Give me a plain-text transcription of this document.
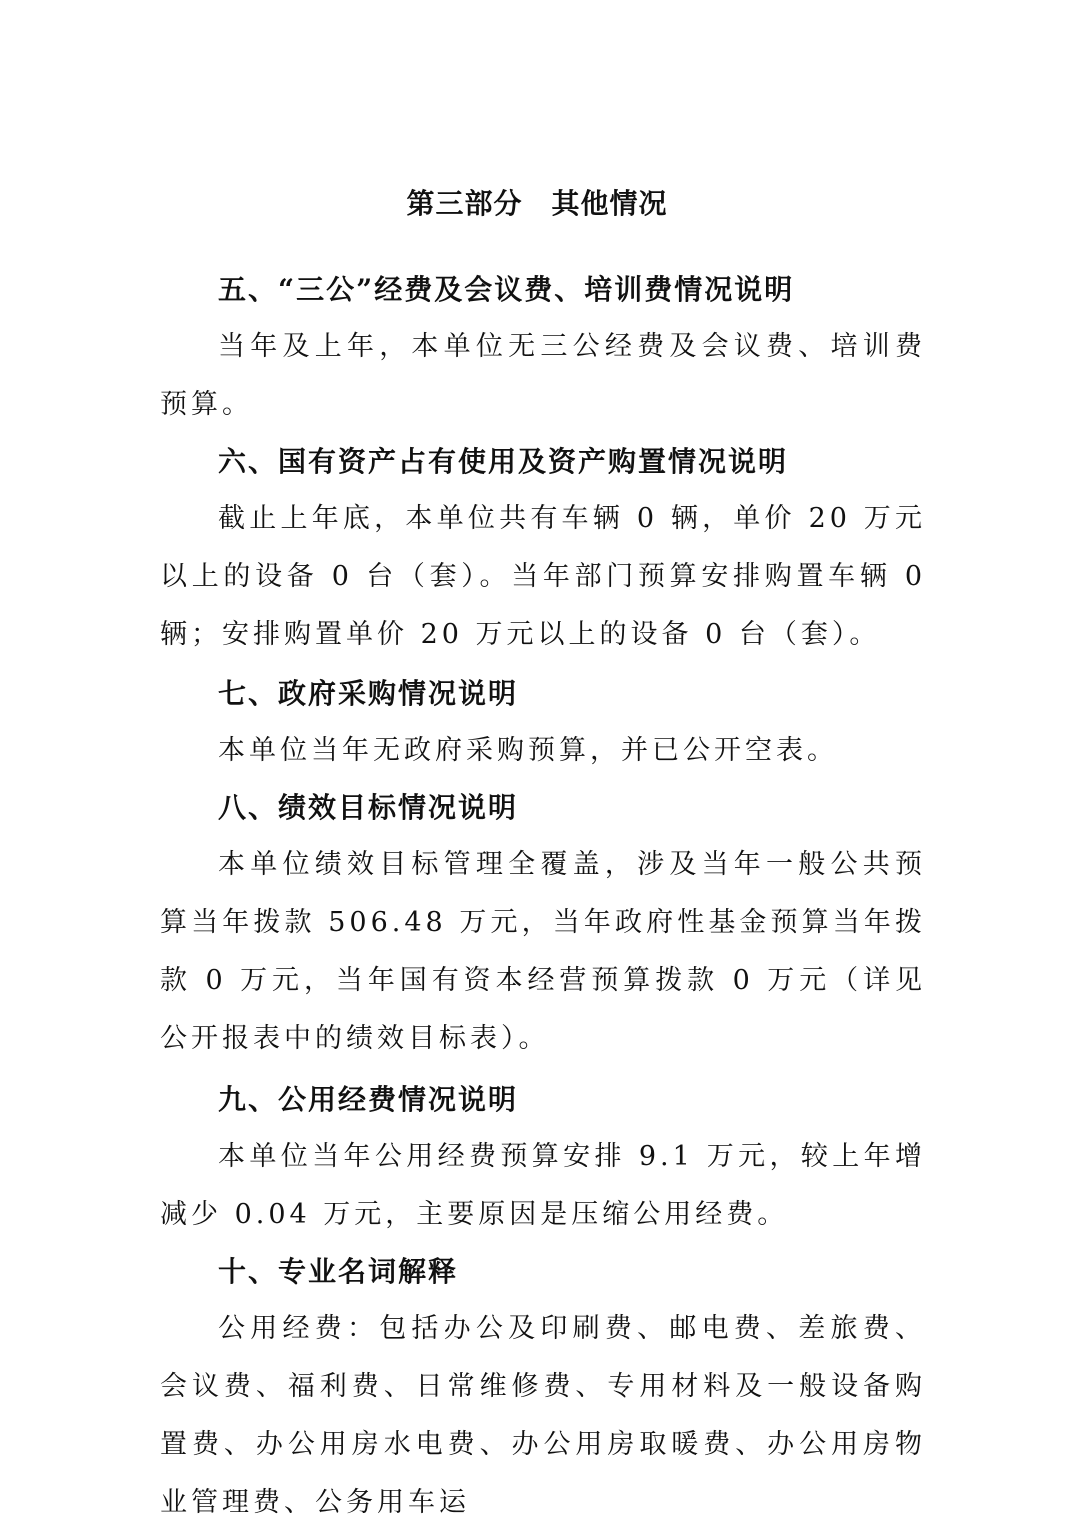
第三部分　其他情况
五、“三公”经费及会议费、培训费情况说明

当年及上年，本单位无三公经费及会议费、培训费预算。

六、国有资产占有使用及资产购置情况说明

截止上年底，本单位共有车辆 0 辆，单价 20 万元以上的设备 0 台（套）。当年部门预算安排购置车辆 0 辆；安排购置单价 20 万元以上的设备 0 台（套）。

七、政府采购情况说明

本单位当年无政府采购预算，并已公开空表。

八、绩效目标情况说明

本单位绩效目标管理全覆盖，涉及当年一般公共预算当年拨款 506.48 万元，当年政府性基金预算当年拨款 0 万元，当年国有资本经营预算拨款 0 万元（详见公开报表中的绩效目标表）。

九、公用经费情况说明

本单位当年公用经费预算安排 9.1 万元，较上年增减少 0.04 万元，主要原因是压缩公用经费。

十、专业名词解释

公用经费：包括办公及印刷费、邮电费、差旅费、会议费、福利费、日常维修费、专用材料及一般设备购置费、办公用房水电费、办公用房取暖费、办公用房物业管理费、公务用车运
